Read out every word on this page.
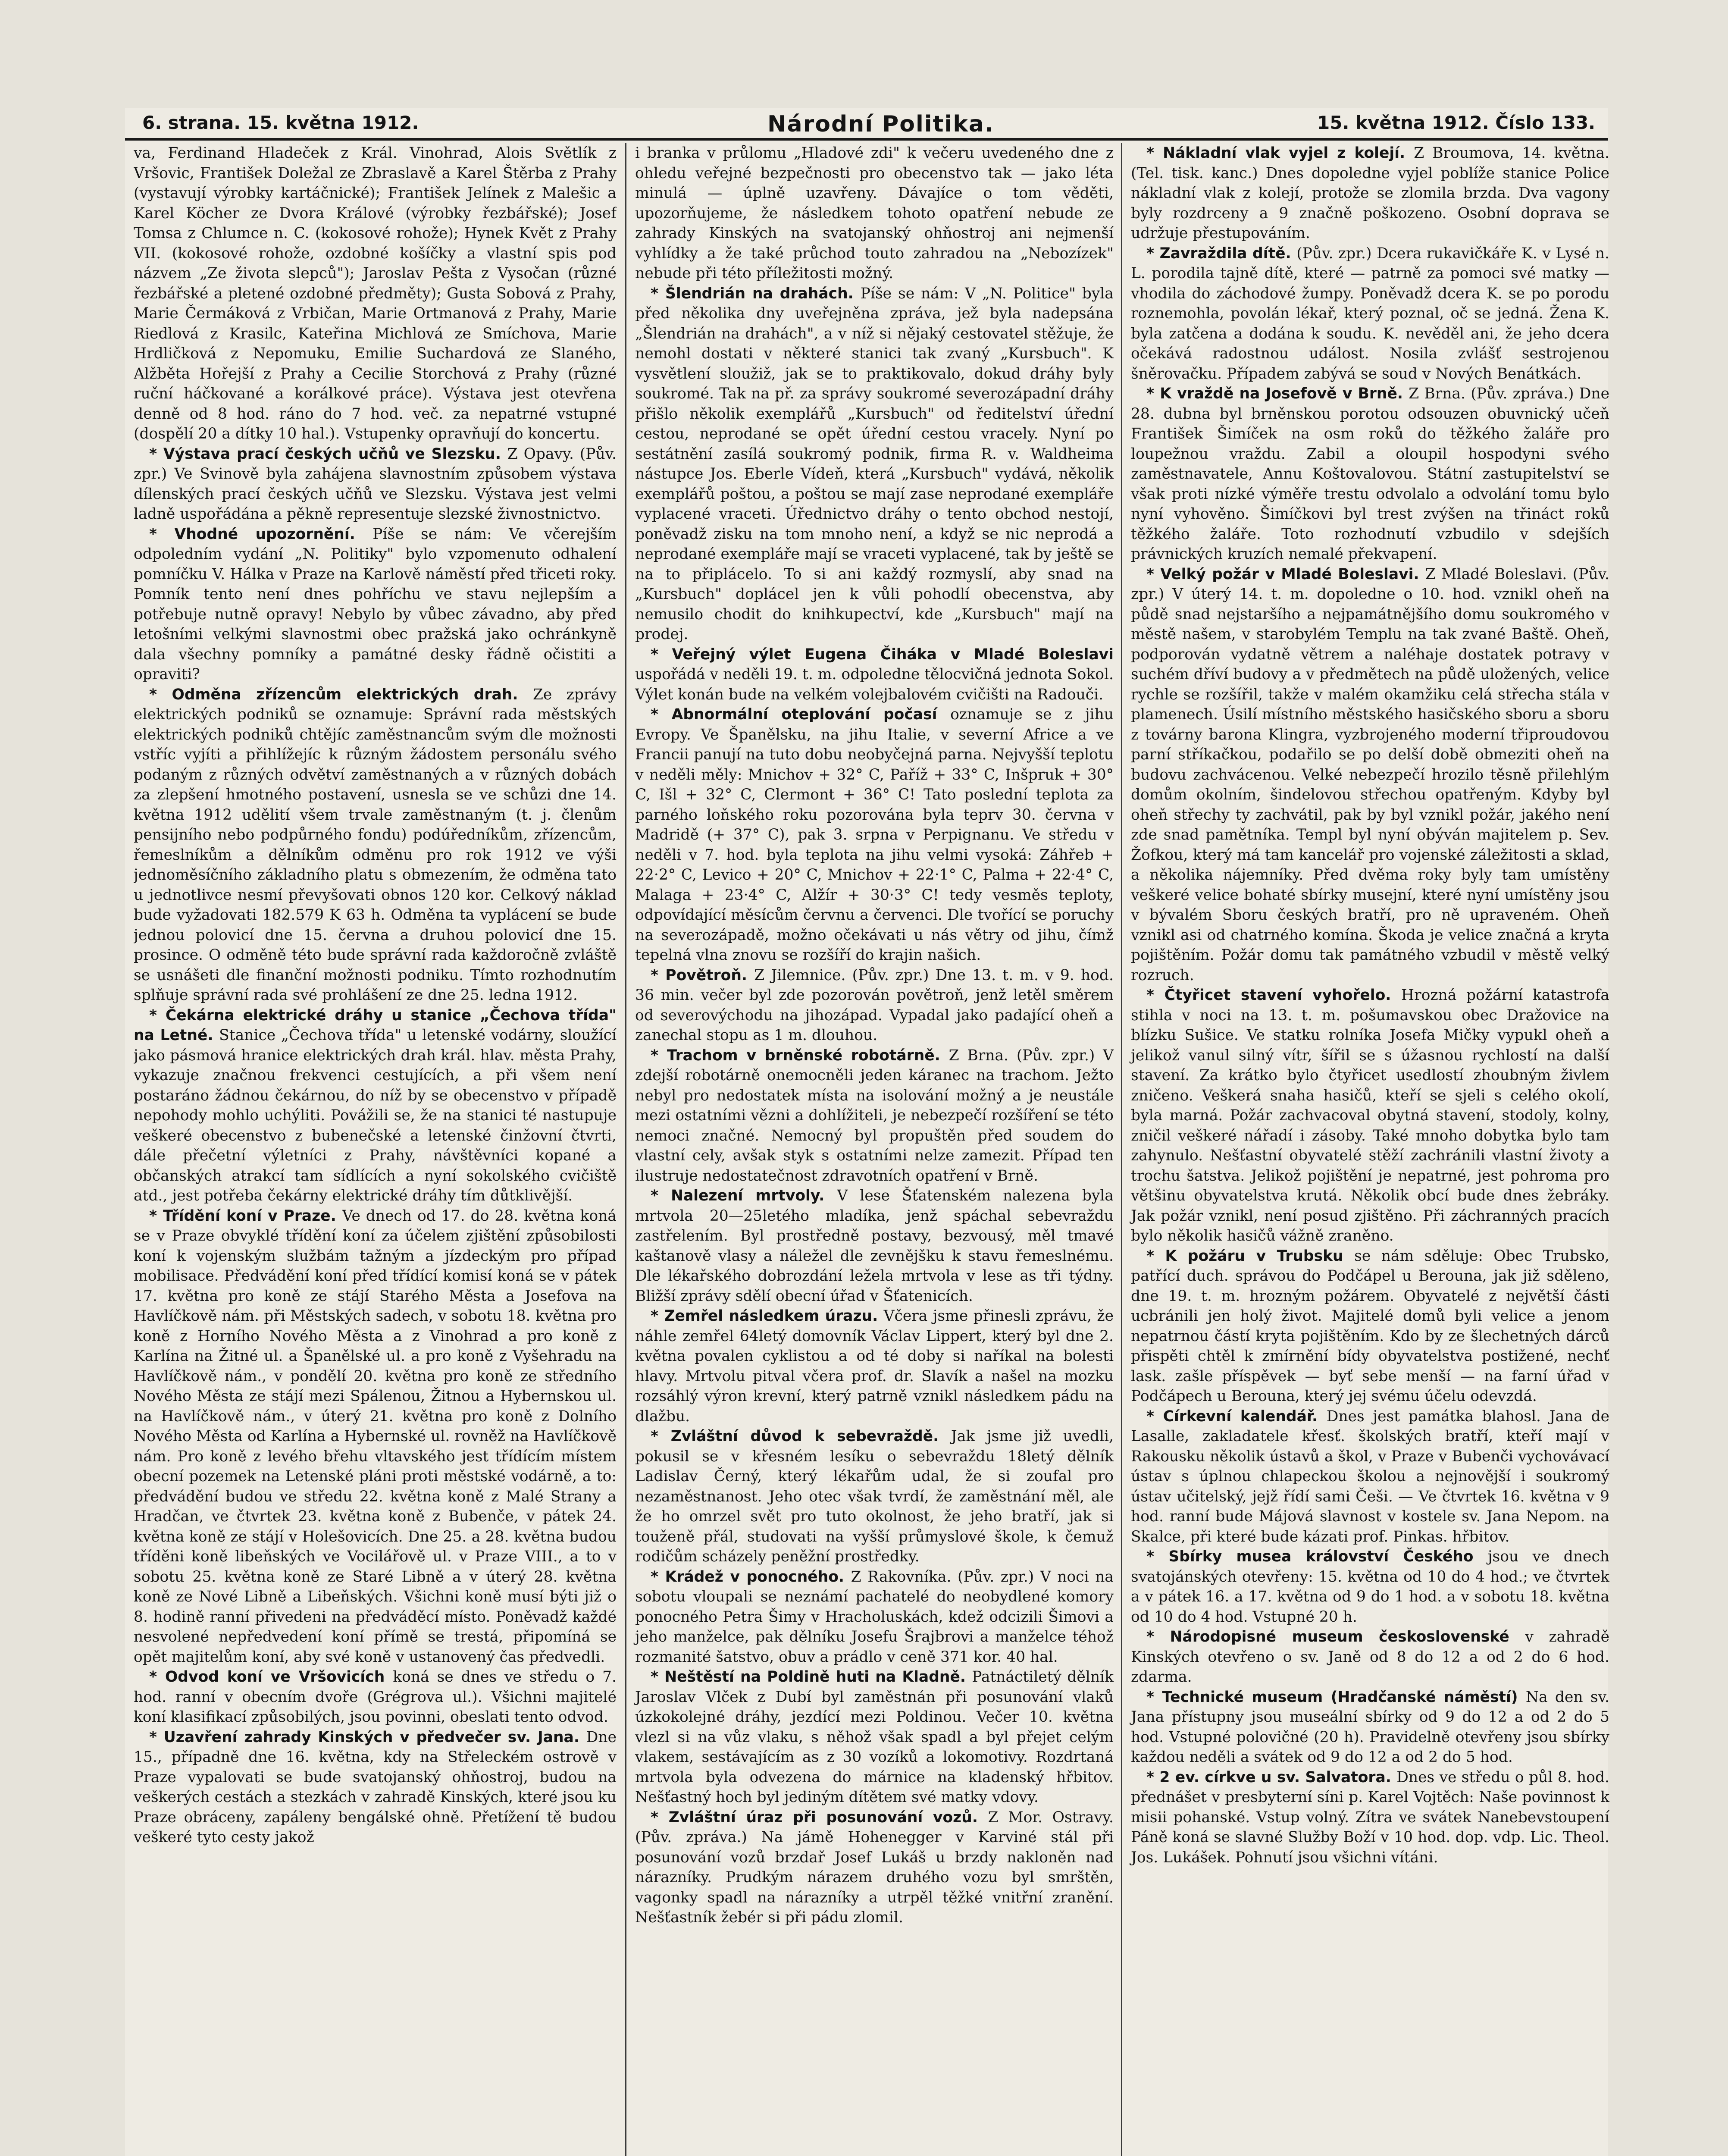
6. strana. 15. května 1912.	Národní Politika.	15. května 1912. Číslo 133.

va, Ferdinand Hladeček z Král. Vinohrad, Alois Světlík z Vršovic, František Doležal ze Zbraslavě a Karel Štěrba z Prahy (vystavují výrobky kartáčnické); František Jelínek z Malešic a Karel Köcher ze Dvora Králové (výrobky řezbářské); Josef Tomsa z Chlumce n. C. (kokosové rohože); Hynek Květ z Prahy VII. (kokosové rohože, ozdobné košíčky a vlastní spis pod názvem „Ze života slepců"); Jaroslav Pešta z Vysočan (různé řezbářské a pletené ozdobné předměty); Gusta Sobová z Prahy, Marie Čermáková z Vrbičan, Marie Ortmanová z Prahy, Marie Riedlová z Krasilc, Kateřina Michlová ze Smíchova, Marie Hrdličková z Nepomuku, Emilie Suchardová ze Slaného, Alžběta Hořejší z Prahy a Cecilie Storchová z Prahy (různé ruční háčkované a korálkové práce). Výstava jest otevřena denně od 8 hod. ráno do 7 hod. več. za nepatrné vstupné (dospělí 20 a dítky 10 hal.). Vstupenky opravňují do koncertu.

* Výstava prací českých učňů ve Slezsku. Z Opavy. (Pův. zpr.) Ve Svinově byla zahájena slavnostním způsobem výstava dílenských prací českých učňů ve Slezsku. Výstava jest velmi ladně uspořádána a pěkně representuje slezské živnostnictvo.

* Vhodné upozornění. Píše se nám: Ve včerejším odpoledním vydání „N. Politiky" bylo vzpomenuto odhalení pomníčku V. Hálka v Praze na Karlově náměstí před třiceti roky. Pomník tento není dnes pohříchu ve stavu nejlepším a potřebuje nutně opravy! Nebylo by vůbec závadno, aby před letošními velkými slavnostmi obec pražská jako ochránkyně dala všechny pomníky a památné desky řádně očistiti a opraviti?

* Odměna zřízencům elektrických drah. Ze zprávy elektrických podniků se oznamuje: Správní rada městských elektrických podniků chtějíc zaměstnancům svým dle možnosti vstříc vyjíti a přihlížejíc k různým žádostem personálu svého podaným z různých odvětví zaměstnaných a v různých dobách za zlepšení hmotného postavení, usnesla se ve schůzi dne 14. května 1912 udělití všem trvale zaměstnaným (t. j. členům pensijního nebo podpůrného fondu) podúředníkům, zřízencům, řemeslníkům a dělníkům odměnu pro rok 1912 ve výši jednoměsíčního základního platu s obmezením, že odměna tato u jednotlivce nesmí převyšovati obnos 120 kor. Celkový náklad bude vyžadovati 182.579 K 63 h. Odměna ta vyplácení se bude jednou polovicí dne 15. června a druhou polovicí dne 15. prosince. O odměně této bude správní rada každoročně zvláště se usnášeti dle finanční možnosti podniku. Tímto rozhodnutím splňuje správní rada své prohlášení ze dne 25. ledna 1912.

* Čekárna elektrické dráhy u stanice „Čechova třída" na Letné. Stanice „Čechova třída" u letenské vodárny, sloužící jako pásmová hranice elektrických drah král. hlav. města Prahy, vykazuje značnou frekvenci cestujících, a při všem není postaráno žádnou čekárnou, do níž by se obecenstvo v případě nepohody mohlo uchýliti. Povážili se, že na stanici té nastupuje veškeré obecenstvo z bubenečské a letenské činžovní čtvrti, dále přečetní výletníci z Prahy, návštěvníci kopané a občanských atrakcí tam sídlících a nyní sokolského cvičiště atd., jest potřeba čekárny elektrické dráhy tím důtklivější.

* Třídění koní v Praze. Ve dnech od 17. do 28. května koná se v Praze obvyklé třídění koní za účelem zjištění způsobilosti koní k vojenským službám tažným a jízdeckým pro případ mobilisace. Předvádění koní před třídící komisí koná se v pátek 17. května pro koně ze stájí Starého Města a Josefova na Havlíčkově nám. při Městských sadech, v sobotu 18. května pro koně z Horního Nového Města a z Vinohrad a pro koně z Karlína na Žitné ul. a Španělské ul. a pro koně z Vyšehradu na Havlíčkově nám., v pondělí 20. května pro koně ze středního Nového Města ze stájí mezi Spálenou, Žitnou a Hybernskou ul. na Havlíčkově nám., v úterý 21. května pro koně z Dolního Nového Města od Karlína a Hybernské ul. rovněž na Havlíčkově nám. Pro koně z levého břehu vltavského jest třídícím místem obecní pozemek na Letenské pláni proti městské vodárně, a to: předvádění budou ve středu 22. května koně z Malé Strany a Hradčan, ve čtvrtek 23. května koně z Bubenče, v pátek 24. května koně ze stájí v Holešovicích. Dne 25. a 28. května budou tříděni koně libeňských ve Vocilářově ul. v Praze VIII., a to v sobotu 25. května koně ze Staré Libně a v úterý 28. května koně ze Nové Libně a Libeňských. Všichni koně musí býti již o 8. hodině ranní přivedeni na předváděcí místo. Poněvadž každé nesvolené nepředvedení koní přímě se trestá, připomíná se opět majitelům koní, aby své koně v ustanovený čas předvedli.

* Odvod koní ve Vršovicích koná se dnes ve středu o 7. hod. ranní v obecním dvoře (Grégrova ul.). Všichni majitelé koní klasifikací způsobilých, jsou povinni, obeslati tento odvod.

* Uzavření zahrady Kinských v předvečer sv. Jana. Dne 15., případně dne 16. května, kdy na Střeleckém ostrově v Praze vypalovati se bude svatojanský ohňostroj, budou na veškerých cestách a stezkách v zahradě Kinských, které jsou ku Praze obráceny, zapáleny bengálské ohně. Přetížení tě budou veškeré tyto cesty jakož

i branka v průlomu „Hladové zdi" k večeru uvedeného dne z ohledu veřejné bezpečnosti pro obecenstvo tak — jako léta minulá — úplně uzavřeny. Dávajíce o tom věděti, upozorňujeme, že následkem tohoto opatření nebude ze zahrady Kinských na svatojanský ohňostroj ani nejmenší vyhlídky a že také průchod touto zahradou na „Nebozízek" nebude při této příležitosti možný.

* Šlendrián na drahách. Píše se nám: V „N. Politice" byla před několika dny uveřejněna zpráva, jež byla nadepsána „Šlendrián na drahách", a v níž si nějaký cestovatel stěžuje, že nemohl dostati v některé stanici tak zvaný „Kursbuch". K vysvětlení sloužiž, jak se to praktikovalo, dokud dráhy byly soukromé. Tak na př. za správy soukromé severozápadní dráhy přišlo několik exemplářů „Kursbuch" od ředitelství úřední cestou, neprodané se opět úřední cestou vracely. Nyní po sestátnění zasílá soukromý podnik, firma R. v. Waldheima nástupce Jos. Eberle Vídeň, která „Kursbuch" vydává, několik exemplářů poštou, a poštou se mají zase neprodané exempláře vyplacené vraceti. Úřednictvo dráhy o tento obchod nestojí, poněvadž zisku na tom mnoho není, a když se nic neprodá a neprodané exempláře mají se vraceti vyplacené, tak by ještě se na to připlácelo. To si ani každý rozmyslí, aby snad na „Kursbuch" doplácel jen k vůli pohodlí obecenstva, aby nemusilo chodit do knihkupectví, kde „Kursbuch" mají na prodej.

* Veřejný výlet Eugena Čiháka v Mladé Boleslavi uspořádá v neděli 19. t. m. odpoledne tělocvičná jednota Sokol. Výlet konán bude na velkém volejbalovém cvičišti na Radouči.

* Abnormální oteplování počasí oznamuje se z jihu Evropy. Ve Španělsku, na jihu Italie, v severní Africe a ve Francii panují na tuto dobu neobyčejná parna. Nejvyšší teplotu v neděli měly: Mnichov + 32° C, Paříž + 33° C, Inšpruk + 30° C, Išl + 32° C, Clermont + 36° C! Tato poslední teplota za parného loňského roku pozorována byla teprv 30. června v Madridě (+ 37° C), pak 3. srpna v Perpignanu. Ve středu v neděli v 7. hod. byla teplota na jihu velmi vysoká: Záhřeb + 22·2° C, Levico + 20° C, Mnichov + 22·1° C, Palma + 22·4° C, Malaga + 23·4° C, Alžír + 30·3° C! tedy vesměs teploty, odpovídající měsícům červnu a červenci. Dle tvořící se poruchy na severozápadě, možno očekávati u nás větry od jihu, čímž tepelná vlna znovu se rozšíří do krajin našich.

* Povětroň. Z Jilemnice. (Pův. zpr.) Dne 13. t. m. v 9. hod. 36 min. večer byl zde pozorován povětroň, jenž letěl směrem od severovýchodu na jihozápad. Vypadal jako padající oheň a zanechal stopu as 1 m. dlouhou.

* Trachom v brněnské robotárně. Z Brna. (Pův. zpr.) V zdejší robotárně onemocněli jeden káranec na trachom. Ježto nebyl pro nedostatek místa na isolování možný a je neustále mezi ostatními vězni a dohlížiteli, je nebezpečí rozšíření se této nemoci značné. Nemocný byl propuštěn před soudem do vlastní cely, avšak styk s ostatními nelze zamezit. Případ ten ilustruje nedostatečnost zdravotních opatření v Brně.

* Nalezení mrtvoly. V lese Šťatenském nalezena byla mrtvola 20—25letého mladíka, jenž spáchal sebevraždu zastřelením. Byl prostředně postavy, bezvousý, měl tmavé kaštanově vlasy a náležel dle zevnějšku k stavu řemeslnému. Dle lékařského dobrozdání ležela mrtvola v lese as tři týdny. Bližší zprávy sdělí obecní úřad v Šťatenicích.

* Zemřel následkem úrazu. Včera jsme přinesli zprávu, že náhle zemřel 64letý domovník Václav Lippert, který byl dne 2. května povalen cyklistou a od té doby si naříkal na bolesti hlavy. Mrtvolu pitval včera prof. dr. Slavík a našel na mozku rozsáhlý výron krevní, který patrně vznikl následkem pádu na dlažbu.

* Zvláštní důvod k sebevraždě. Jak jsme již uvedli, pokusil se v křesném lesíku o sebevraždu 18letý dělník Ladislav Černý, který lékařům udal, že si zoufal pro nezaměstnanost. Jeho otec však tvrdí, že zaměstnání měl, ale že ho omrzel svět pro tuto okolnost, že jeho bratří, jak si touženě přál, studovati na vyšší průmyslové škole, k čemuž rodičům scházely peněžní prostředky.

* Krádež v ponocného. Z Rakovníka. (Pův. zpr.) V noci na sobotu vloupali se neznámí pachatelé do neobydlené komory ponocného Petra Šimy v Hracholuskách, kdež odcizili Šimovi a jeho manželce, pak dělníku Josefu Šrajbrovi a manželce téhož rozmanité šatstvo, obuv a prádlo v ceně 371 kor. 40 hal.

* Neštěstí na Poldině huti na Kladně. Patnáctiletý dělník Jaroslav Vlček z Dubí byl zaměstnán při posunování vlaků úzkokolejné dráhy, jezdící mezi Poldinou. Večer 10. května vlezl si na vůz vlaku, s něhož však spadl a byl přejet celým vlakem, sestávajícím as z 30 vozíků a lokomotivy. Rozdrtaná mrtvola byla odvezena do márnice na kladenský hřbitov. Nešťastný hoch byl jediným dítětem své matky vdovy.

* Zvláštní úraz při posunování vozů. Z Mor. Ostravy. (Pův. zpráva.) Na jámě Hohenegger v Karviné stál při posunování vozů brzdař Josef Lukáš u brzdy nakloněn nad nárazníky. Prudkým nárazem druhého vozu byl smrštěn, vagonky spadl na nárazníky a utrpěl těžké vnitřní zranění. Nešťastník žebér si při pádu zlomil.

* Nákladní vlak vyjel z kolejí. Z Broumova, 14. května. (Tel. tisk. kanc.) Dnes dopoledne vyjel poblíže stanice Police nákladní vlak z kolejí, protože se zlomila brzda. Dva vagony byly rozdrceny a 9 značně poškozeno. Osobní doprava se udržuje přestupováním.

* Zavraždila dítě. (Pův. zpr.) Dcera rukavičkáře K. v Lysé n. L. porodila tajně dítě, které — patrně za pomoci své matky — vhodila do záchodové žumpy. Poněvadž dcera K. se po porodu roznemohla, povolán lékař, který poznal, oč se jedná. Žena K. byla zatčena a dodána k soudu. K. nevěděl ani, že jeho dcera očekává radostnou událost. Nosila zvlášť sestrojenou šněrovačku. Případem zabývá se soud v Nových Benátkách.

* K vraždě na Josefově v Brně. Z Brna. (Pův. zpráva.) Dne 28. dubna byl brněnskou porotou odsouzen obuvnický učeň František Šimíček na osm roků do těžkého žaláře pro loupežnou vraždu. Zabil a oloupil hospodyni svého zaměstnavatele, Annu Koštovalovou. Státní zastupitelství se však proti nízké výměře trestu odvolalo a odvolání tomu bylo nyní vyhověno. Šimíčkovi byl trest zvýšen na třináct roků těžkého žaláře. Toto rozhodnutí vzbudilo v sdejších právnických kruzích nemalé překvapení.

* Velký požár v Mladé Boleslavi. Z Mladé Boleslavi. (Pův. zpr.) V úterý 14. t. m. dopoledne o 10. hod. vznikl oheň na půdě snad nejstaršího a nejpamátnějšího domu soukromého v městě našem, v starobylém Templu na tak zvané Baště. Oheň, podporován vydatně větrem a naléhaje dostatek potravy v suchém dříví budovy a v předmětech na půdě uložených, velice rychle se rozšířil, takže v malém okamžiku celá střecha stála v plamenech. Úsilí místního městského hasičského sboru a sboru z továrny barona Klingra, vyzbrojeného moderní třiproudovou parní stříkačkou, podařilo se po delší době obmeziti oheň na budovu zachvácenou. Velké nebezpečí hrozilo těsně přilehlým domům okolním, šindelovou střechou opatřeným. Kdyby byl oheň střechy ty zachvátil, pak by byl vznikl požár, jakého není zde snad pamětníka. Templ byl nyní obýván majitelem p. Sev. Žofkou, který má tam kancelář pro vojenské záležitosti a sklad, a několika nájemníky. Před dvěma roky byly tam umístěny veškeré velice bohaté sbírky musejní, které nyní umístěny jsou v bývalém Sboru českých bratří, pro ně upraveném. Oheň vznikl asi od chatrného komína. Škoda je velice značná a kryta pojištěním. Požár domu tak památného vzbudil v městě velký rozruch.

* Čtyřicet stavení vyhořelo. Hrozná požární katastrofa stihla v noci na 13. t. m. pošumavskou obec Dražovice na blízku Sušice. Ve statku rolníka Josefa Mičky vypukl oheň a jelikož vanul silný vítr, šířil se s úžasnou rychlostí na další stavení. Za krátko bylo čtyřicet usedlostí zhoubným živlem zničeno. Veškerá snaha hasičů, kteří se sjeli s celého okolí, byla marná. Požár zachvacoval obytná stavení, stodoly, kolny, zničil veškeré nářadí i zásoby. Také mnoho dobytka bylo tam zahynulo. Nešťastní obyvatelé stěží zachránili vlastní životy a trochu šatstva. Jelikož pojištění je nepatrné, jest pohroma pro většinu obyvatelstva krutá. Několik obcí bude dnes žebráky. Jak požár vznikl, není posud zjištěno. Při záchranných pracích bylo několik hasičů vážně zraněno.

* K požáru v Trubsku se nám sděluje: Obec Trubsko, patřící duch. správou do Podčápel u Berouna, jak již sděleno, dne 19. t. m. hrozným požárem. Obyvatelé z největší části ucbránili jen holý život. Majitelé domů byli velice a jenom nepatrnou částí kryta pojištěním. Kdo by ze šlechetných dárců přispěti chtěl k zmírnění bídy obyvatelstva postižené, nechť lask. zašle příspěvek — byť sebe menší — na farní úřad v Podčápech u Berouna, který jej svému účelu odevzdá.

* Církevní kalendář. Dnes jest památka blahosl. Jana de Lasalle, zakladatele křesť. školských bratří, kteří mají v Rakousku několik ústavů a škol, v Praze v Bubenči vychovávací ústav s úplnou chlapeckou školou a nejnovější i soukromý ústav učitelský, jejž řídí sami Češi. — Ve čtvrtek 16. května v 9 hod. ranní bude Májová slavnost v kostele sv. Jana Nepom. na Skalce, při které bude kázati prof. Pinkas. hřbitov.

* Sbírky musea království Českého jsou ve dnech svatojánských otevřeny: 15. května od 10 do 4 hod.; ve čtvrtek a v pátek 16. a 17. května od 9 do 1 hod. a v sobotu 18. května od 10 do 4 hod. Vstupné 20 h.

* Národopisné museum československé v zahradě Kinských otevřeno o sv. Janě od 8 do 12 a od 2 do 6 hod. zdarma.

* Technické museum (Hradčanské náměstí) Na den sv. Jana přístupny jsou museální sbírky od 9 do 12 a od 2 do 5 hod. Vstupné polovičné (20 h). Pravidelně otevřeny jsou sbírky každou neděli a svátek od 9 do 12 a od 2 do 5 hod.

* 2 ev. církve u sv. Salvatora. Dnes ve středu o půl 8. hod. přednášet v presbyterní síni p. Karel Vojtěch: Naše povinnost k misii pohanské. Vstup volný. Zítra ve svátek Nanebevstoupení Páně koná se slavné Služby Boží v 10 hod. dop. vdp. Lic. Theol. Jos. Lukášek. Pohnutí jsou všichni vítáni.
